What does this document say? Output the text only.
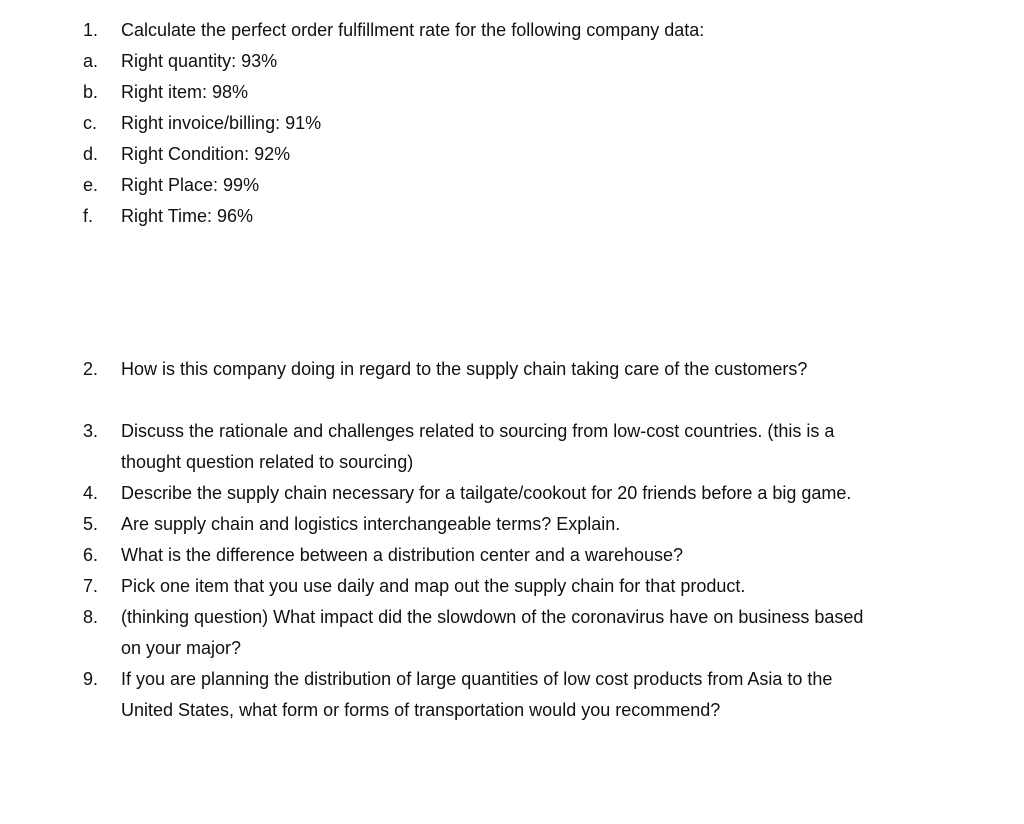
1. Calculate the perfect order fulfillment rate for the following company data:
a. Right quantity: 93%
b. Right item: 98%
c. Right invoice/billing: 91%
d. Right Condition: 92%
e. Right Place: 99%
f. Right Time: 96%
2. How is this company doing in regard to the supply chain taking care of the customers?
3. Discuss the rationale and challenges related to sourcing from low-cost countries. (this is a
thought question related to sourcing)
4. Describe the supply chain necessary for a tailgate/cookout for 20 friends before a big game.
5. Are supply chain and logistics interchangeable terms? Explain.
6. What is the difference between a distribution center and a warehouse?
7. Pick one item that you use daily and map out the supply chain for that product.
8. (thinking question) What impact did the slowdown of the coronavirus have on business based
on your major?
9. If you are planning the distribution of large quantities of low cost products from Asia to the
United States, what form or forms of transportation would you recommend?
